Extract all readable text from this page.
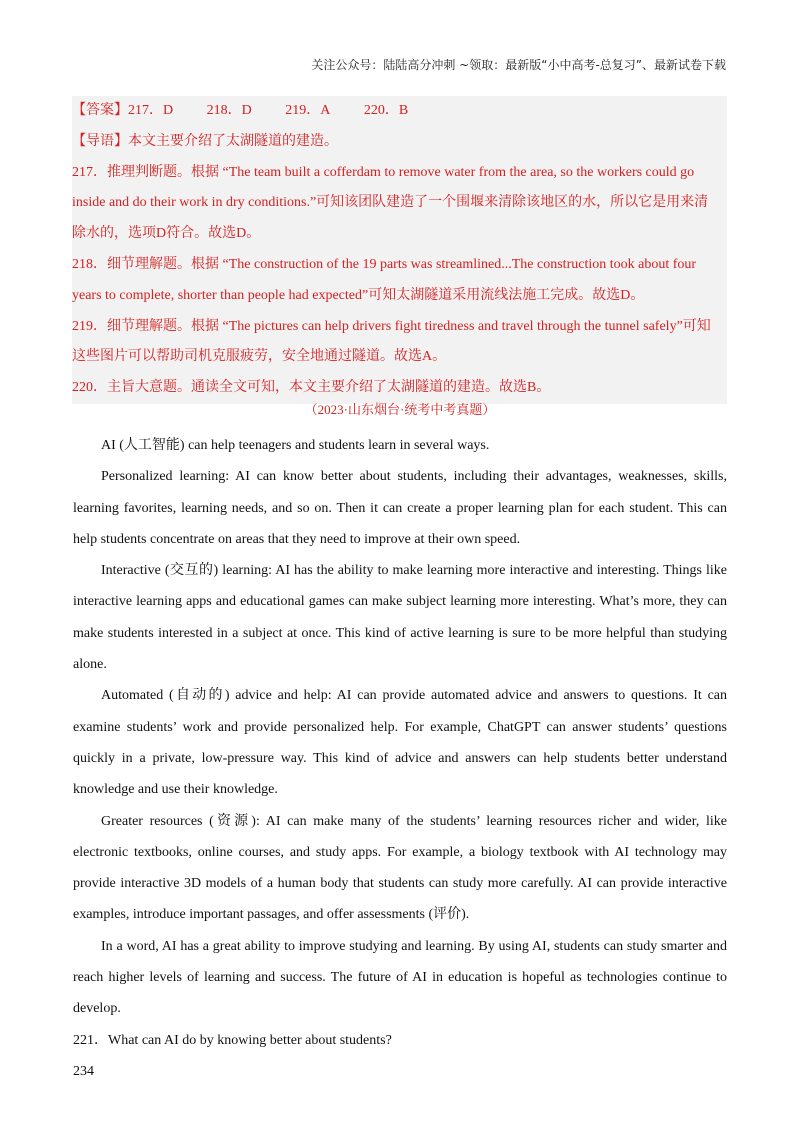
关注公众号：陆陆高分冲刺 ~领取：最新版“小中高考-总复习”、最新试卷下载

【答案】217．D 218．D 219．A 220．B

【导语】本文主要介绍了太湖隧道的建造。

217．推理判断题。根据 “The team built a cofferdam to remove water from the area, so the workers could go

inside and do their work in dry conditions.”可知该团队建造了一个围堰来清除该地区的水，所以它是用来清

除水的，选项D符合。故选D。

218．细节理解题。根据 “The construction of the 19 parts was streamlined...The construction took about four

years to complete, shorter than people had expected”可知太湖隧道采用流线法施工完成。故选D。

219．细节理解题。根据 “The pictures can help drivers fight tiredness and travel through the tunnel safely”可知

这些图片可以帮助司机克服疲劳，安全地通过隧道。故选A。

220．主旨大意题。通读全文可知，本文主要介绍了太湖隧道的建造。故选B。

（2023·山东烟台·统考中考真题）

AI (人工智能) can help teenagers and students learn in several ways.

Personalized learning: AI can know better about students, including their advantages, weaknesses, skills, learning favorites, learning needs, and so on. Then it can create a proper learning plan for each student. This can help students concentrate on areas that they need to improve at their own speed.

Interactive (交互的) learning: AI has the ability to make learning more interactive and interesting. Things like interactive learning apps and educational games can make subject learning more interesting. What’s more, they can make students interested in a subject at once. This kind of active learning is sure to be more helpful than studying alone.

Automated (自动的) advice and help: AI can provide automated advice and answers to questions. It can examine students’ work and provide personalized help. For example, ChatGPT can answer students’ questions quickly in a private, low-pressure way. This kind of advice and answers can help students better understand knowledge and use their knowledge.

Greater resources (资源): AI can make many of the students’ learning resources richer and wider, like electronic textbooks, online courses, and study apps. For example, a biology textbook with AI technology may provide interactive 3D models of a human body that students can study more carefully. AI can provide interactive examples, introduce important passages, and offer assessments (评价).

In a word, AI has a great ability to improve studying and learning. By using AI, students can study smarter and reach higher levels of learning and success. The future of AI in education is hopeful as technologies continue to develop.

221．What can AI do by knowing better about students?

234
